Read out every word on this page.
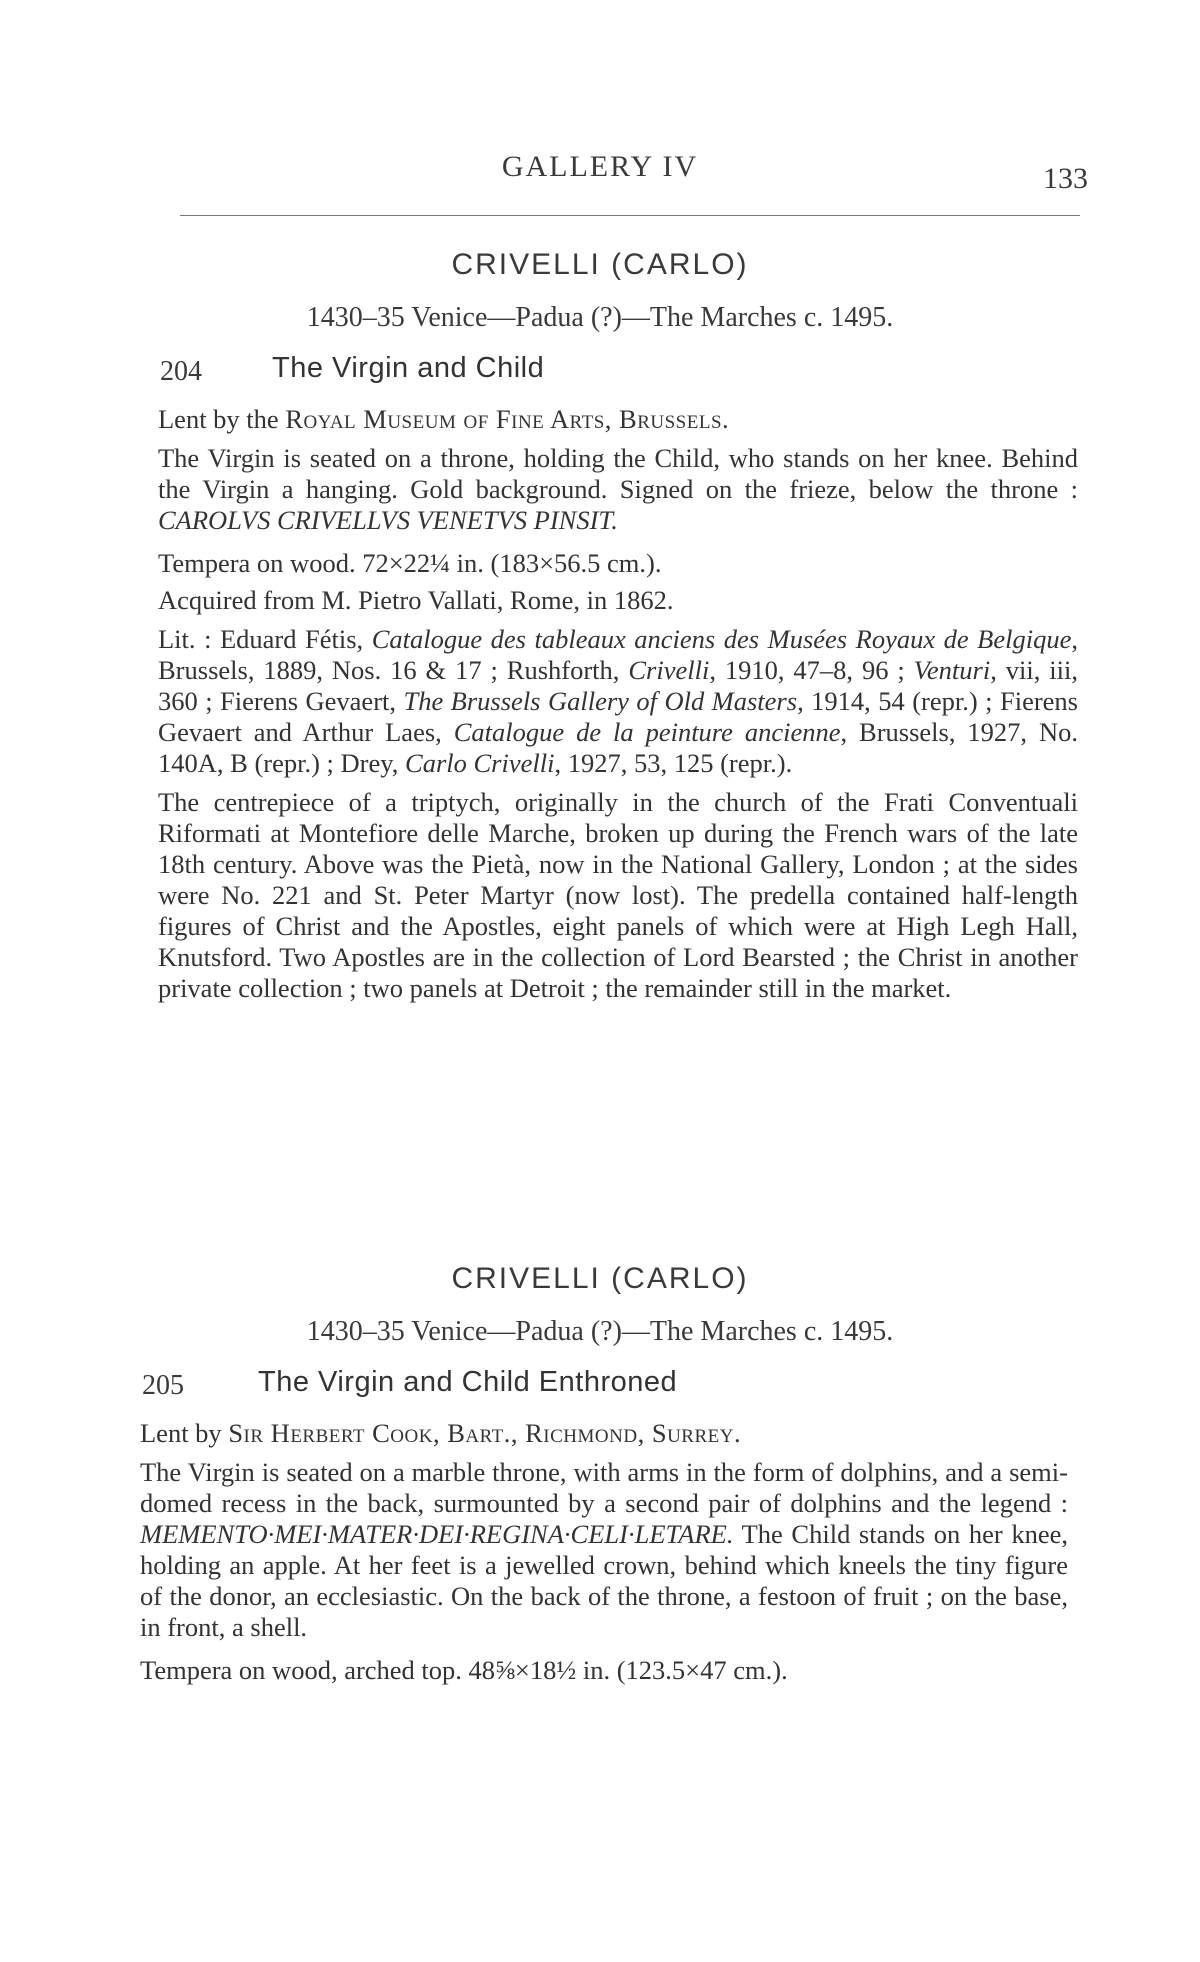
GALLERY IV	133
CRIVELLI (CARLO)
1430–35 Venice—Padua (?)—The Marches c. 1495.
204 The Virgin and Child
Lent by the Royal Museum of Fine Arts, Brussels.
The Virgin is seated on a throne, holding the Child, who stands on her knee. Behind the Virgin a hanging. Gold background. Signed on the frieze, below the throne : CAROLVS CRIVELLVS VENETVS PINSIT.
Tempera on wood. 72×22¼ in. (183×56.5 cm.).
Acquired from M. Pietro Vallati, Rome, in 1862.
Lit. : Eduard Fétis, Catalogue des tableaux anciens des Musées Royaux de Belgique, Brussels, 1889, Nos. 16 & 17 ; Rushforth, Crivelli, 1910, 47–8, 96 ; Venturi, vii, iii, 360 ; Fierens Gevaert, The Brussels Gallery of Old Masters, 1914, 54 (repr.) ; Fierens Gevaert and Arthur Laes, Catalogue de la peinture ancienne, Brussels, 1927, No. 140A, B (repr.) ; Drey, Carlo Crivelli, 1927, 53, 125 (repr.).
The centrepiece of a triptych, originally in the church of the Frati Conventuali Riformati at Montefiore delle Marche, broken up during the French wars of the late 18th century. Above was the Pietà, now in the National Gallery, London ; at the sides were No. 221 and St. Peter Martyr (now lost). The predella contained half-length figures of Christ and the Apostles, eight panels of which were at High Legh Hall, Knutsford. Two Apostles are in the collection of Lord Bearsted ; the Christ in another private collection ; two panels at Detroit ; the remainder still in the market.
CRIVELLI (CARLO)
1430–35 Venice—Padua (?)—The Marches c. 1495.
205	The Virgin and Child Enthroned
Lent by Sir Herbert Cook, Bart., Richmond, Surrey.
The Virgin is seated on a marble throne, with arms in the form of dolphins, and a semi-domed recess in the back, surmounted by a second pair of dolphins and the legend : MEMENTO·MEI·MATER·DEI·REGINA·CELI·LETARE. The Child stands on her knee, holding an apple. At her feet is a jewelled crown, behind which kneels the tiny figure of the donor, an ecclesiastic. On the back of the throne, a festoon of fruit ; on the base, in front, a shell.
Tempera on wood, arched top. 48⅝×18½ in. (123.5×47 cm.).
